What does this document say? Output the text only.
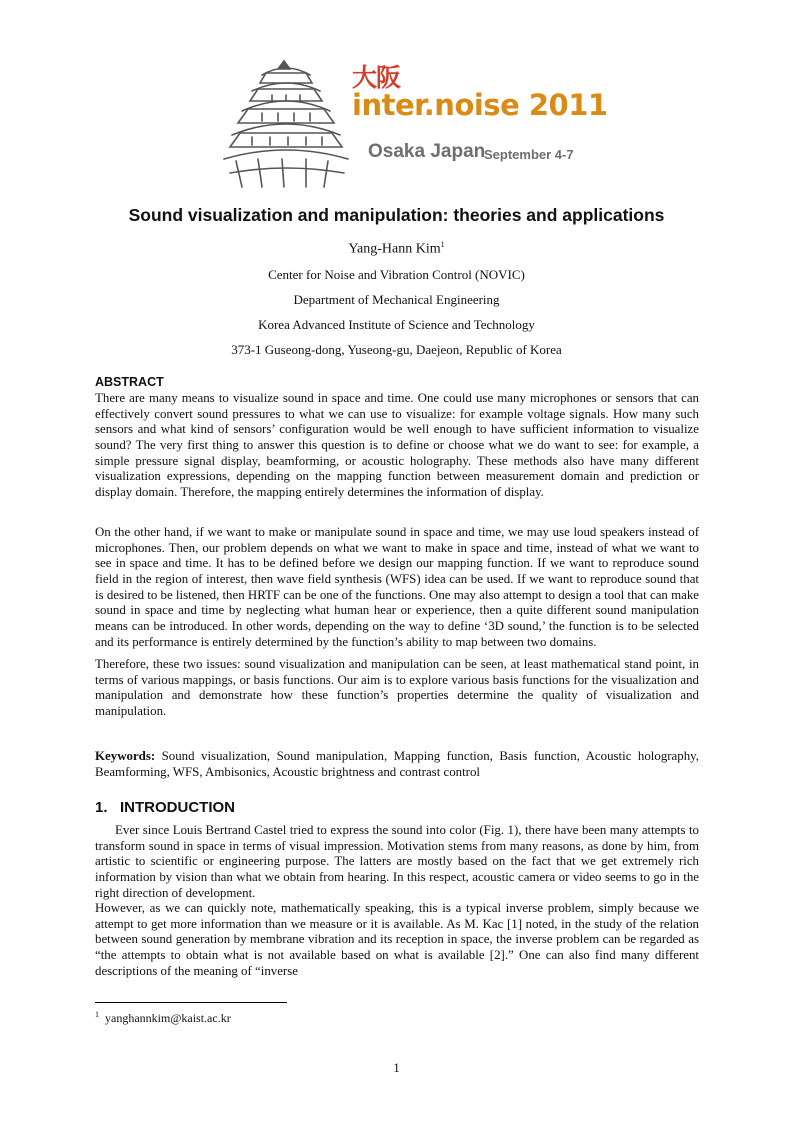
大阪
inter.noise 2011
Osaka Japan
September 4-7
Sound visualization and manipulation: theories and applications
Yang-Hann Kim$^1$
Center for Noise and Vibration Control (NOVIC)
Department of Mechanical Engineering
Korea Advanced Institute of Science and Technology
373-1 Guseong-dong, Yuseong-gu, Daejeon, Republic of Korea
ABSTRACT

There are many means to visualize sound in space and time. One could use many microphones or sensors that can effectively convert sound pressures to what we can use to visualize: for example voltage signals. How many such sensors and what kind of sensors’ configuration would be well enough to have sufficient information to visualize sound? The very first thing to answer this question is to define or choose what we do want to see: for example, a simple pressure signal display, beamforming, or acoustic holography. These methods also have many different visualization expressions, depending on the mapping function between measurement domain and prediction or display domain. Therefore, the mapping entirely determines the information of display.

On the other hand, if we want to make or manipulate sound in space and time, we may use loud speakers instead of microphones. Then, our problem depends on what we want to make in space and time, instead of what we want to see in space and time. It has to be defined before we design our mapping function. If we want to reproduce sound field in the region of interest, then wave field synthesis (WFS) idea can be used. If we want to reproduce sound that is desired to be listened, then HRTF can be one of the functions. One may also attempt to design a tool that can make sound in space and time by neglecting what human hear or experience, then a quite different sound manipulation means can be introduced. In other words, depending on the way to define ‘3D sound,’ the function is to be selected and its performance is entirely determined by the function’s ability to map between two domains.

Therefore, these two issues: sound visualization and manipulation can be seen, at least mathematical stand point, in terms of various mappings, or basis functions. Our aim is to explore various basis functions for the visualization and manipulation and demonstrate how these function’s properties determine the quality of visualization and manipulation.

Keywords: Sound visualization, Sound manipulation, Mapping function, Basis function, Acoustic holography, Beamforming, WFS, Ambisonics, Acoustic brightness and contrast control

1.   INTRODUCTION

Ever since Louis Bertrand Castel tried to express the sound into color (Fig. 1), there have been many attempts to transform sound in space in terms of visual impression. Motivation stems from many reasons, as done by him, from artistic to scientific or engineering purpose. The latters are mostly based on the fact that we get extremely rich information by vision than what we obtain from hearing. In this respect, acoustic camera or video seems to go in the right direction of development.

However, as we can quickly note, mathematically speaking, this is a typical inverse problem, simply because we attempt to get more information than we measure or it is available. As M. Kac [1] noted, in the study of the relation between sound generation by membrane vibration and its reception in space, the inverse problem can be regarded as “the attempts to obtain what is not available based on what is available [2].” One can also find many different descriptions of the meaning of “inverse

$^1$ yanghannkim@kaist.ac.kr
1
